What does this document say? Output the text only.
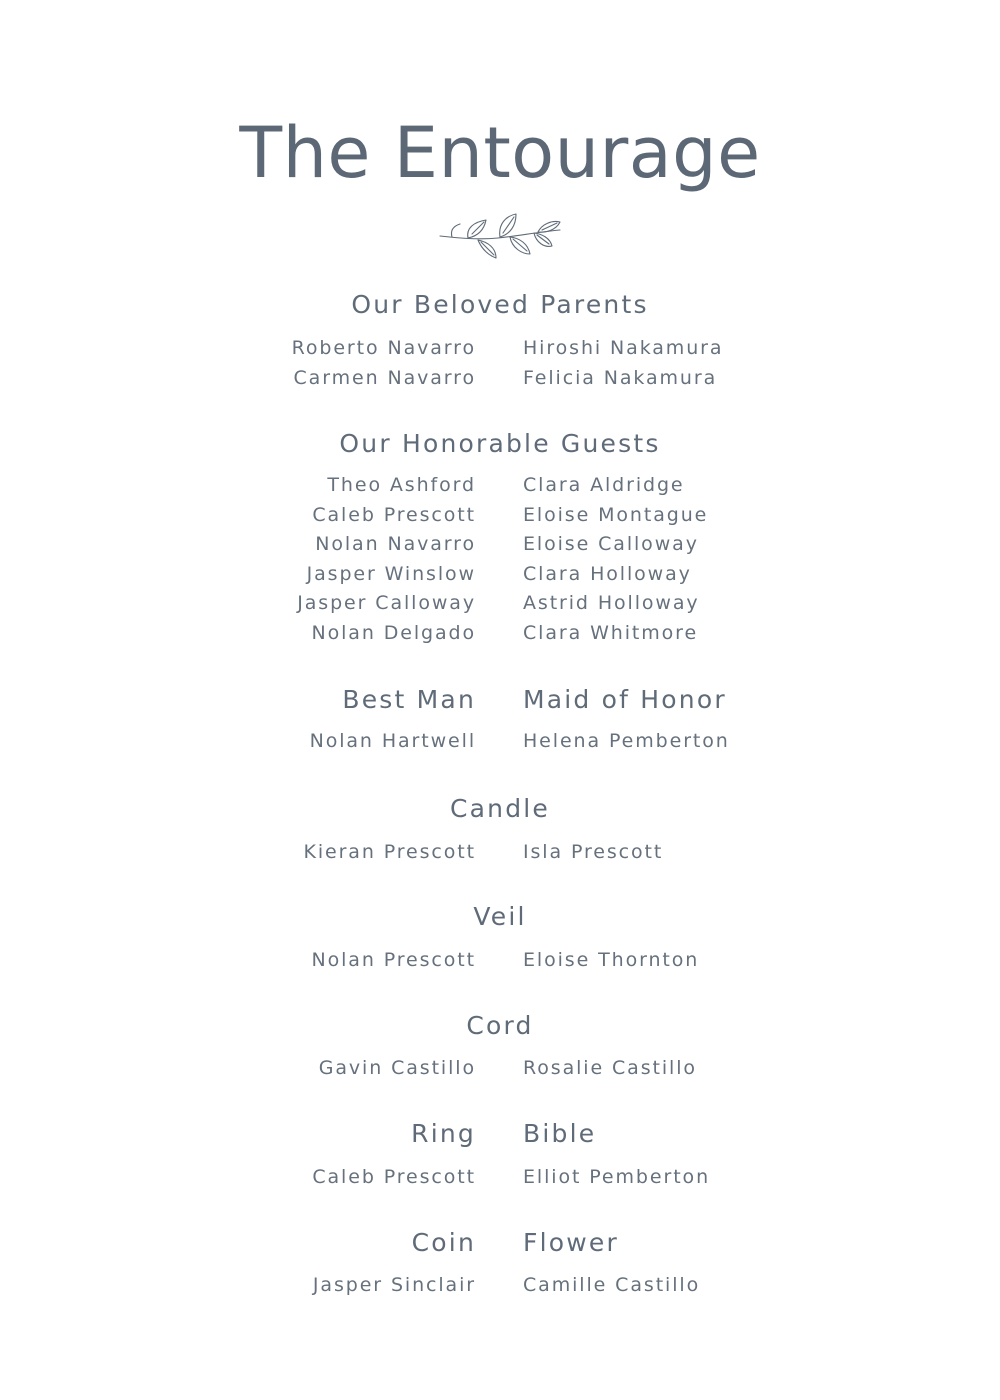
The Entourage
Our Beloved Parents
Roberto Navarro
Carmen Navarro
Hiroshi Nakamura
Felicia Nakamura
Our Honorable Guests
Theo Ashford
Caleb Prescott
Nolan Navarro
Jasper Winslow
Jasper Calloway
Nolan Delgado
Clara Aldridge
Eloise Montague
Eloise Calloway
Clara Holloway
Astrid Holloway
Clara Whitmore
Best Man Maid of Honor
Nolan Hartwell Helena Pemberton
Candle
Kieran Prescott Isla Prescott
Veil
Nolan Prescott Eloise Thornton
Cord
Gavin Castillo Rosalie Castillo
Ring Bible
Caleb Prescott Elliot Pemberton
Coin Flower
Jasper Sinclair Camille Castillo
